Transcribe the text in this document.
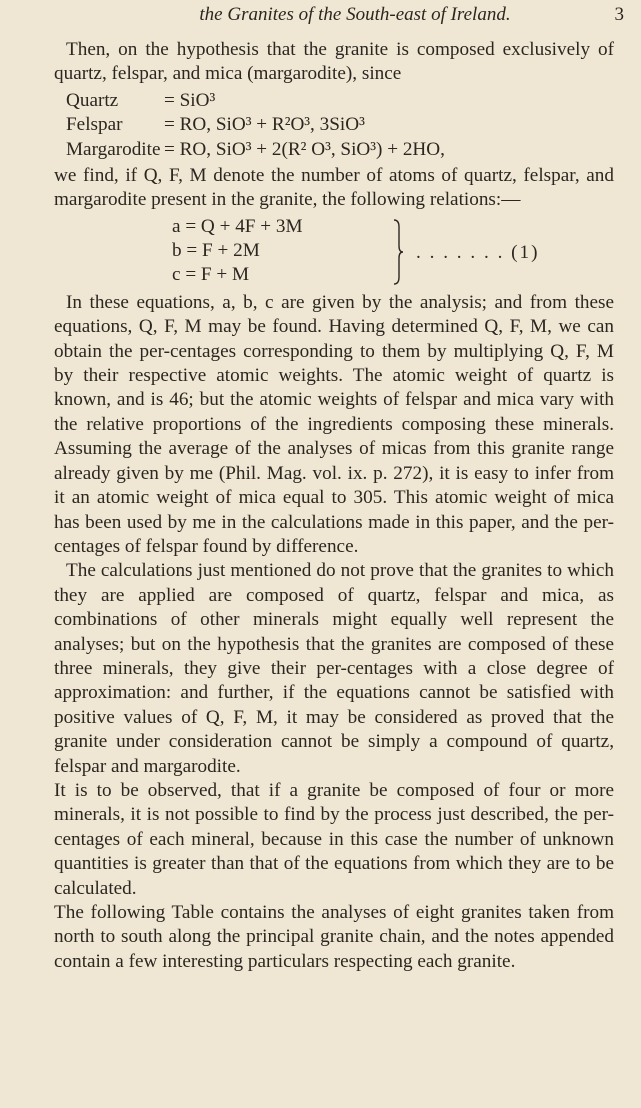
the Granites of the South-east of Ireland.	3

Then, on the hypothesis that the granite is composed exclusively of quartz, felspar, and mica (margarodite), since

Quartz	= SiO³
Felspar	= RO, SiO³ + R²O³, 3SiO³
Margarodite = RO, SiO³ + 2(R² O³, SiO³) + 2HO,

we find, if Q, F, M denote the number of atoms of quartz, felspar, and margarodite present in the granite, the following relations:—

a = Q + 4F + 3M
b = F + 2M
c = F + M
. . . . . . . (1)

In these equations, a, b, c are given by the analysis; and from these equations, Q, F, M may be found. Having determined Q, F, M, we can obtain the per-centages corresponding to them by multiplying Q, F, M by their respective atomic weights. The atomic weight of quartz is known, and is 46; but the atomic weights of felspar and mica vary with the relative proportions of the ingredients composing these minerals. Assuming the average of the analyses of micas from this granite range already given by me (Phil. Mag. vol. ix. p. 272), it is easy to infer from it an atomic weight of mica equal to 305. This atomic weight of mica has been used by me in the calculations made in this paper, and the per-centages of felspar found by difference.

The calculations just mentioned do not prove that the granites to which they are applied are composed of quartz, felspar and mica, as combinations of other minerals might equally well represent the analyses; but on the hypothesis that the granites are composed of these three minerals, they give their per-centages with a close degree of approximation: and further, if the equations cannot be satisfied with positive values of Q, F, M, it may be considered as proved that the granite under consideration cannot be simply a compound of quartz, felspar and margarodite.

It is to be observed, that if a granite be composed of four or more minerals, it is not possible to find by the process just described, the per-centages of each mineral, because in this case the number of unknown quantities is greater than that of the equations from which they are to be calculated.

The following Table contains the analyses of eight granites taken from north to south along the principal granite chain, and the notes appended contain a few interesting particulars respecting each granite.
